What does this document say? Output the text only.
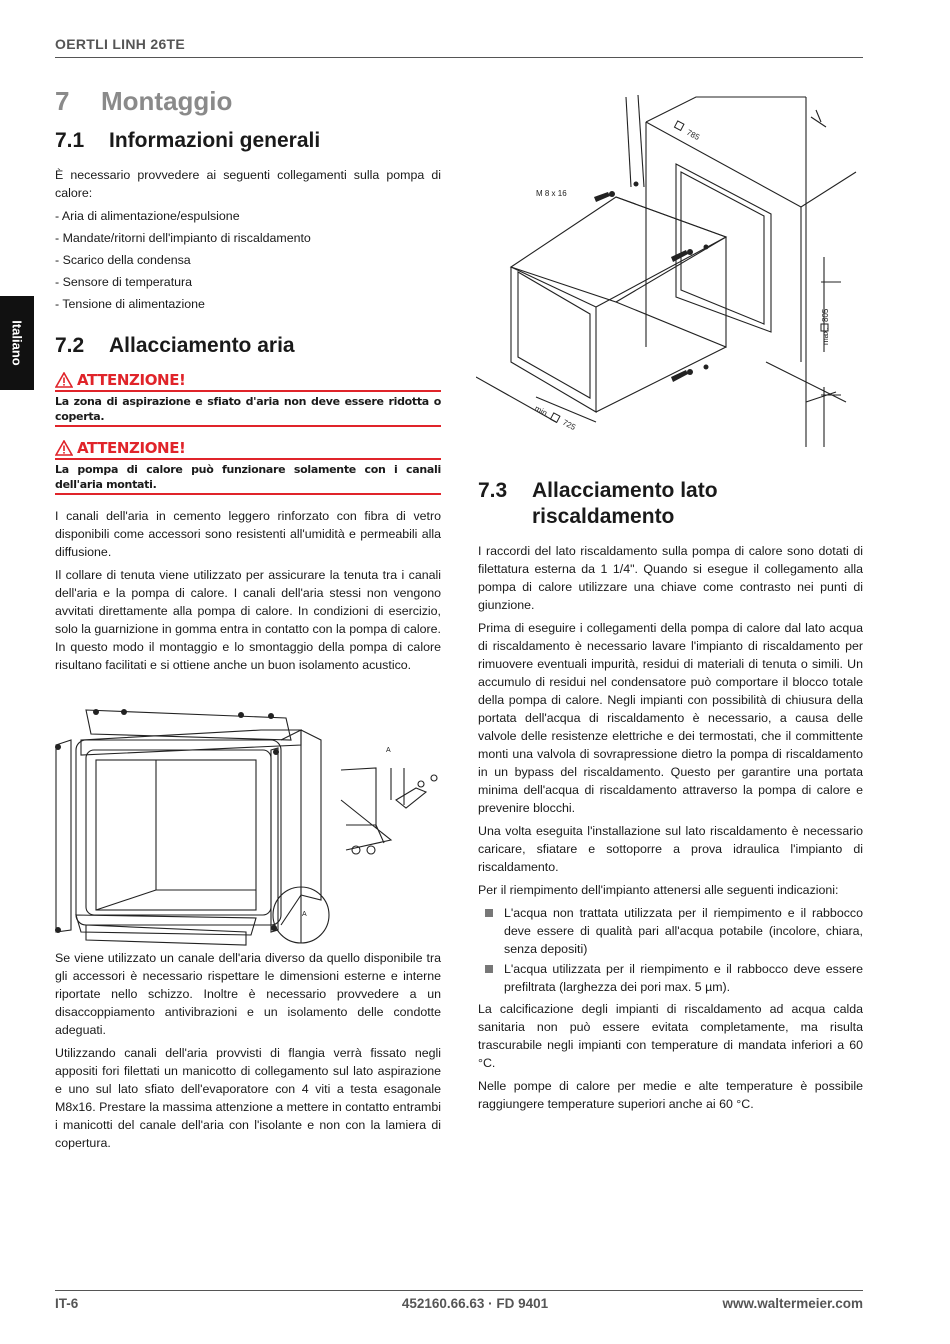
OERTLI LINH 26TE
Italiano
7 Montaggio
7.1 Informazioni generali

È necessario provvedere ai seguenti collegamenti sulla pompa di calore:

- Aria di alimentazione/espulsione

- Mandate/ritorni dell'impianto di riscaldamento

- Scarico della condensa

- Sensore di temperatura

- Tensione di alimentazione

7.2 Allacciamento aria
ATTENZIONE!
La zona di aspirazione e sfiato d'aria non deve essere ridotta o coperta.
ATTENZIONE!
La pompa di calore può funzionare solamente con i canali dell'aria montati.

I canali dell'aria in cemento leggero rinforzato con fibra di vetro disponibili come accessori sono resistenti all'umidità e permeabili alla diffusione.

Il collare di tenuta viene utilizzato per assicurare la tenuta tra i canali dell'aria e la pompa di calore. I canali dell'aria stessi non vengono avvitati direttamente alla pompa di calore. In condizioni di esercizio, solo la guarnizione in gomma entra in contatto con la pompa di calore. In questo modo il montaggio e lo smontaggio della pompa di calore risultano facilitati e si ottiene anche un buon isolamento acustico.

Se viene utilizzato un canale dell'aria diverso da quello disponibile tra gli accessori è necessario rispettare le dimensioni esterne e interne riportate nello schizzo. Inoltre è necessario provvedere a un disaccoppiamento antivibrazioni e un isolamento delle condotte adeguati.

Utilizzando canali dell'aria provvisti di flangia verrà fissato negli appositi fori filettati un manicotto di collegamento sul lato aspirazione e uno sul lato sfiato dell'evaporatore con 4 viti a testa esagonale M8x16. Prestare la massima attenzione a mettere in contatto entrambi i manicotti del canale dell'aria con l'isolante e non con la lamiera di copertura.

A
A
M 8 x 16
785
805
max.
min.
725
7.3	Allacciamento lato riscaldamento

I raccordi del lato riscaldamento sulla pompa di calore sono dotati di filettatura esterna da 1 1/4". Quando si esegue il collegamento alla pompa di calore utilizzare una chiave come contrasto nei punti di giunzione.

Prima di eseguire i collegamenti della pompa di calore dal lato acqua di riscaldamento è necessario lavare l'impianto di riscaldamento per rimuovere eventuali impurità, residui di materiali di tenuta o simili. Un accumulo di residui nel condensatore può comportare il blocco totale della pompa di calore. Negli impianti con possibilità di chiusura della portata dell'acqua di riscaldamento è necessario, a causa delle valvole delle resistenze elettriche e dei termostati, che il committente monti una valvola di sovrapressione dietro la pompa di riscaldamento in un bypass del riscaldamento. Questo per garantire una portata minima dell'acqua di riscaldamento attraverso la pompa di calore e prevenire blocchi.

Una volta eseguita l'installazione sul lato riscaldamento è necessario caricare, sfiatare e sottoporre a prova idraulica l'impianto di riscaldamento.

Per il riempimento dell'impianto attenersi alle seguenti indicazioni:

L'acqua non trattata utilizzata per il riempimento e il rabbocco deve essere di qualità pari all'acqua potabile (incolore, chiara, senza depositi)
L'acqua utilizzata per il riempimento e il rabbocco deve essere prefiltrata (larghezza dei pori max. 5 µm).

La calcificazione degli impianti di riscaldamento ad acqua calda sanitaria non può essere evitata completamente, ma risulta trascurabile negli impianti con temperature di mandata inferiori a 60 °C.

Nelle pompe di calore per medie e alte temperature è possibile raggiungere temperature superiori anche ai 60 °C.

IT-6	452160.66.63 · FD 9401	www.waltermeier.com
